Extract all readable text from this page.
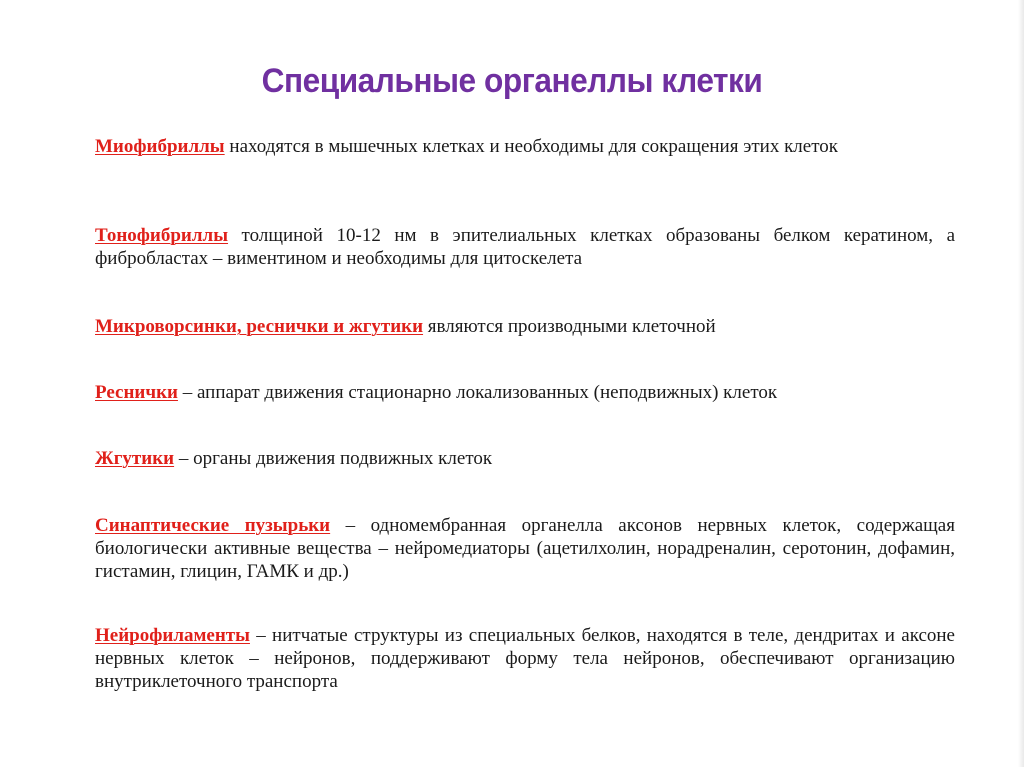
Специальные органеллы клетки

Миофибриллы находятся в мышечных клетках и необходимы для сокращения этих клеток

Тонофибриллы толщиной 10-12 нм в эпителиальных клетках образованы белком кератином, а фибробластах – виментином и необходимы для цитоскелета

Микроворсинки, реснички и жгутики являются производными клеточной

Реснички – аппарат движения стационарно локализованных (неподвижных) клеток

Жгутики – органы движения подвижных клеток

Синаптические пузырьки – одномембранная органелла аксонов нервных клеток, содержащая биологически активные вещества – нейромедиаторы (ацетилхолин, норадреналин, серотонин, дофамин, гистамин, глицин, ГАМК и др.)

Нейрофиламенты – нитчатые структуры из специальных белков, находятся в теле, дендритах и аксоне нервных клеток – нейронов, поддерживают форму тела нейронов, обеспечивают организацию внутриклеточного транспорта
